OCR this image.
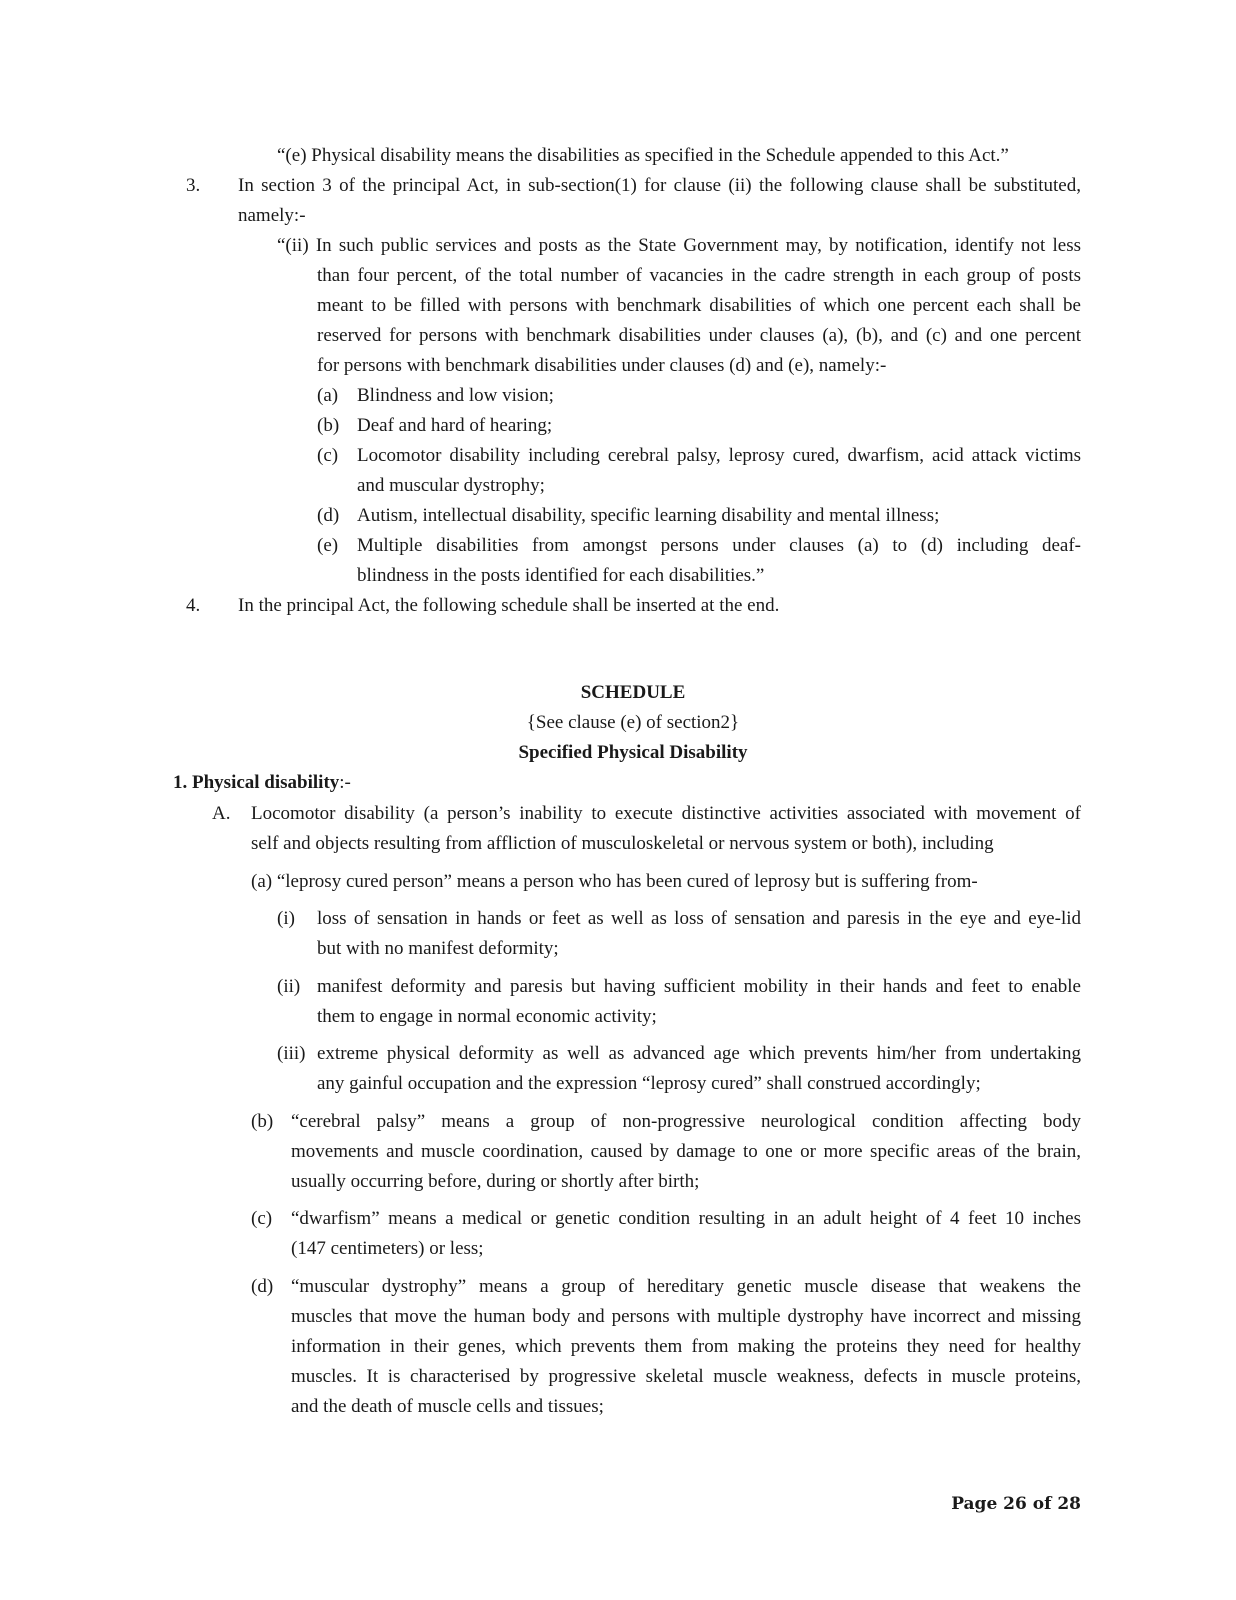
“(e) Physical disability means the disabilities as specified in the Schedule appended to this Act.”

3. In section 3 of the principal Act, in sub-section(1) for clause (ii) the following clause shall be substituted,

namely:-

“(ii) In such public services and posts as the State Government may, by notification, identify not less

than four percent, of the total number of vacancies in the cadre strength in each group of posts

meant to be filled with persons with benchmark disabilities of which one percent each shall be

reserved for persons with benchmark disabilities under clauses (a), (b), and (c) and one percent

for persons with benchmark disabilities under clauses (d) and (e), namely:-

(a) Blindness and low vision;

(b) Deaf and hard of hearing;

(c) Locomotor disability including cerebral palsy, leprosy cured, dwarfism, acid attack victims

and muscular dystrophy;

(d) Autism, intellectual disability, specific learning disability and mental illness;

(e) Multiple disabilities from amongst persons under clauses (a) to (d) including deaf-

blindness in the posts identified for each disabilities.”

4. In the principal Act, the following schedule shall be inserted at the end.

SCHEDULE

{See clause (e) of section2}

Specified Physical Disability

1. Physical disability:-

A. Locomotor disability (a person’s inability to execute distinctive activities associated with movement of

self and objects resulting from affliction of musculoskeletal or nervous system or both), including

(a) “leprosy cured person” means a person who has been cured of leprosy but is suffering from-

(i) loss of sensation in hands or feet as well as loss of sensation and paresis in the eye and eye-lid

but with no manifest deformity;

(ii) manifest deformity and paresis but having sufficient mobility in their hands and feet to enable

them to engage in normal economic activity;

(iii) extreme physical deformity as well as advanced age which prevents him/her from undertaking

any gainful occupation and the expression “leprosy cured” shall construed accordingly;

(b) “cerebral palsy” means a group of non-progressive neurological condition affecting body

movements and muscle coordination, caused by damage to one or more specific areas of the brain,

usually occurring before, during or shortly after birth;

(c) “dwarfism” means a medical or genetic condition resulting in an adult height of 4 feet 10 inches

(147 centimeters) or less;

(d) “muscular dystrophy” means a group of hereditary genetic muscle disease that weakens the

muscles that move the human body and persons with multiple dystrophy have incorrect and missing

information in their genes, which prevents them from making the proteins they need for healthy

muscles. It is characterised by progressive skeletal muscle weakness, defects in muscle proteins,

and the death of muscle cells and tissues;

Page 26 of 28
